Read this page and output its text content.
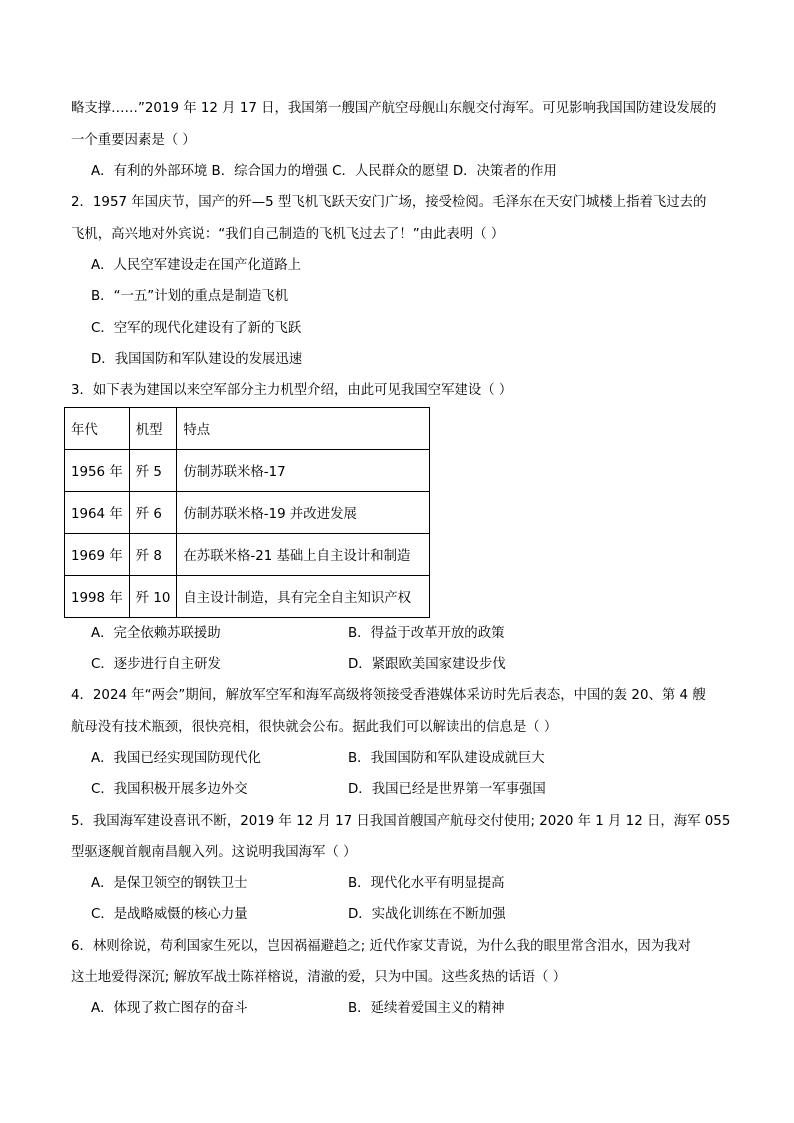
略支撑……”2019 年 12 月 17 日，我国第一艘国产航空母舰山东舰交付海军。可见影响我国国防建设发展的
一个重要因素是（ ）
A．有利的外部环境 B．综合国力的增强 C．人民群众的愿望 D．决策者的作用
2．1957 年国庆节，国产的歼—5 型飞机飞跃天安门广场，接受检阅。毛泽东在天安门城楼上指着飞过去的
飞机，高兴地对外宾说：“我们自己制造的飞机飞过去了！”由此表明（ ）
A．人民空军建设走在国产化道路上
B．“一五”计划的重点是制造飞机
C．空军的现代化建设有了新的飞跃
D．我国国防和军队建设的发展迅速
3．如下表为建国以来空军部分主力机型介绍，由此可见我国空军建设（ ）
年代	机型	特点
1956 年	歼 5	仿制苏联米格-17
1964 年	歼 6	仿制苏联米格-19 并改进发展
1969 年	歼 8	在苏联米格-21 基础上自主设计和制造
1998 年	歼 10	自主设计制造，具有完全自主知识产权
A．完全依赖苏联援助	B．得益于改革开放的政策
C．逐步进行自主研发	D．紧跟欧美国家建设步伐
4．2024 年“两会”期间，解放军空军和海军高级将领接受香港媒体采访时先后表态，中国的轰 20、第 4 艘
航母没有技术瓶颈，很快亮相，很快就会公布。据此我们可以解读出的信息是（ ）
A．我国已经实现国防现代化	B．我国国防和军队建设成就巨大
C．我国积极开展多边外交	D．我国已经是世界第一军事强国
5．我国海军建设喜讯不断，2019 年 12 月 17 日我国首艘国产航母交付使用; 2020 年 1 月 12 日，海军 055
型驱逐舰首舰南昌舰入列。这说明我国海军（ ）
A．是保卫领空的钢铁卫士	B．现代化水平有明显提高
C．是战略威慑的核心力量	D．实战化训练在不断加强
6．林则徐说，苟利国家生死以，岂因祸福避趋之; 近代作家艾青说，为什么我的眼里常含泪水，因为我对
这土地爱得深沉; 解放军战士陈祥榕说，清澈的爱，只为中国。这些炙热的话语（ ）
A．体现了救亡图存的奋斗	B．延续着爱国主义的精神
